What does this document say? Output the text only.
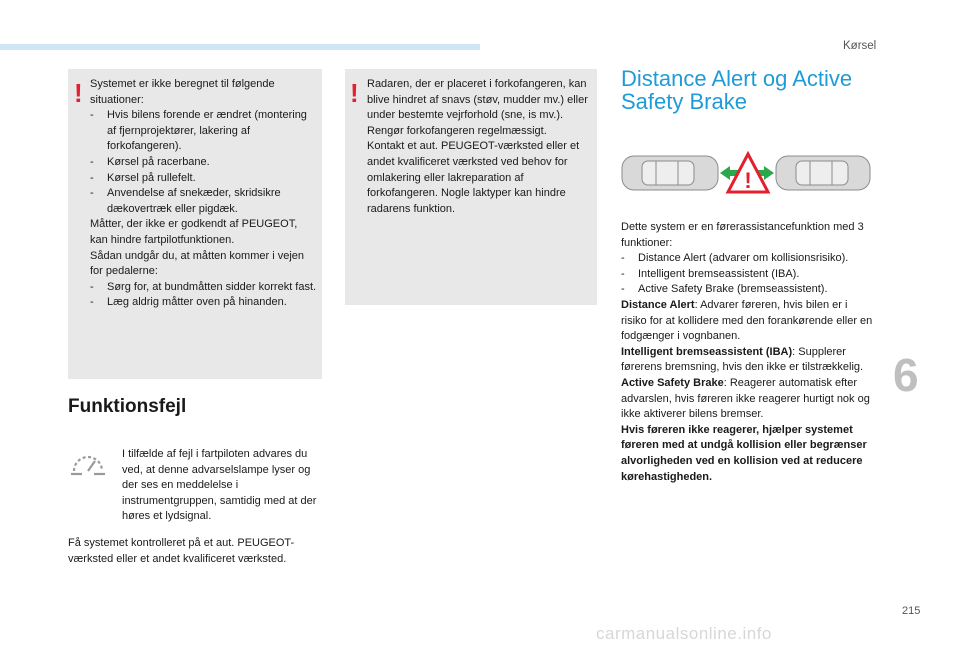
Kørsel
! Systemet er ikke beregnet til følgende situationer:

- Hvis bilens forende er ændret (montering af fjernprojektører, lakering af forkofangeren).
- Kørsel på racerbane.
- Kørsel på rullefelt.
- Anvendelse af snekæder, skridsikre dækovertræk eller pigdæk.

Måtter, der ikke er godkendt af PEUGEOT, kan hindre fartpilotfunktionen.

Sådan undgår du, at måtten kommer i vejen for pedalerne:

- Sørg for, at bundmåtten sidder korrekt fast.
- Læg aldrig måtter oven på hinanden.
! Radaren, der er placeret i forkofangeren, kan blive hindret af snavs (støv, mudder mv.) eller under bestemte vejrforhold (sne, is mv.).

Rengør forkofangeren regelmæssigt.

Kontakt et aut. PEUGEOT-værksted eller et andet kvalificeret værksted ved behov for omlakering eller lakreparation af forkofangeren. Nogle laktyper kan hindre radarens funktion.

Funktionsfejl
I tilfælde af fejl i fartpiloten advares du ved, at denne advarselslampe lyser og der ses en meddelelse i instrumentgruppen, samtidig med at der høres et lydsignal.
Få systemet kontrolleret på et aut. PEUGEOT-værksted eller et andet kvalificeret værksted.
Distance Alert og Active
Safety Brake
!

Dette system er en førerassistancefunktion med 3 funktioner:

- Distance Alert (advarer om kollisionsrisiko).
- Intelligent bremseassistent (IBA).
- Active Safety Brake (bremseassistent).

Distance Alert: Advarer føreren, hvis bilen er i risiko for at kollidere med den forankørende eller en fodgænger i vognbanen.

Intelligent bremseassistent (IBA): Supplerer førerens bremsning, hvis den ikke er tilstrækkelig.

Active Safety Brake: Reagerer automatisk efter advarslen, hvis føreren ikke reagerer hurtigt nok og ikke aktiverer bilens bremser.

Hvis føreren ikke reagerer, hjælper systemet føreren med at undgå kollision eller begrænser alvorligheden ved en kollision ved at reducere kørehastigheden.

6
215
carmanualsonline.info
